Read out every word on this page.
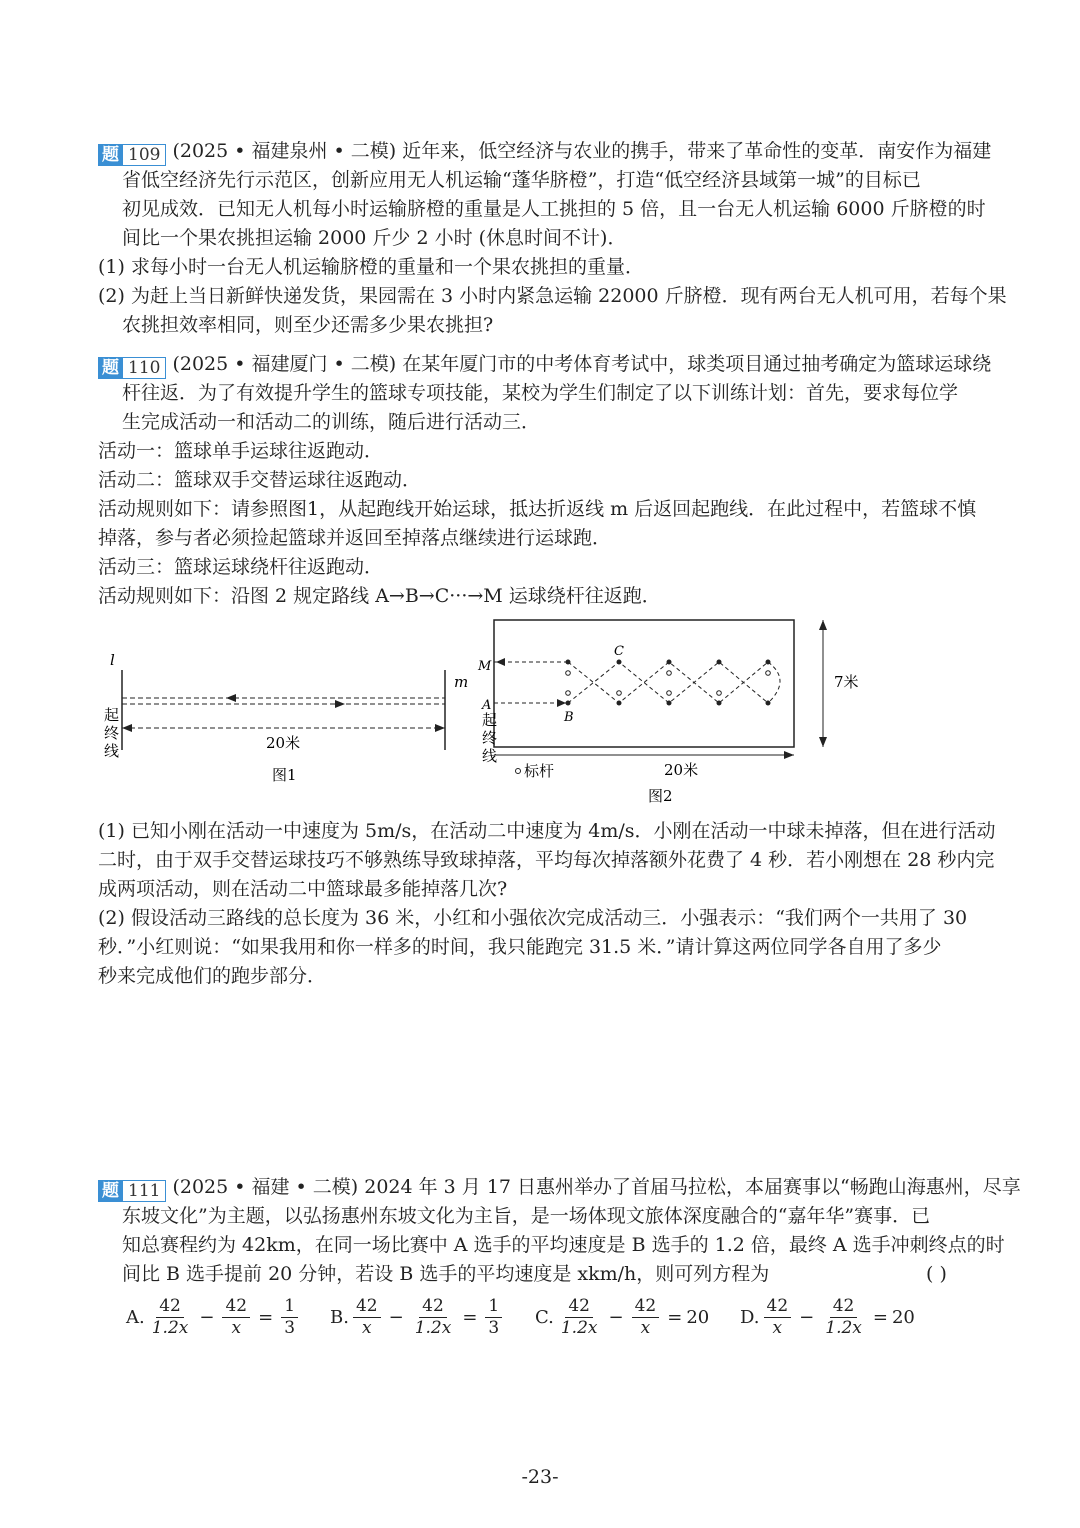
题 109 (2025 • 福建泉州 • 二模) 近年来，低空经济与农业的携手，带来了革命性的变革．南安作为福建
省低空经济先行示范区，创新应用无人机运输“蓬华脐橙”，打造“低空经济县域第一城”的目标已
初见成效．已知无人机每小时运输脐橙的重量是人工挑担的 5 倍，且一台无人机运输 6000 斤脐橙的时
间比一个果农挑担运输 2000 斤少 2 小时 (休息时间不计)．
(1) 求每小时一台无人机运输脐橙的重量和一个果农挑担的重量．
(2) 为赶上当日新鲜快递发货，果园需在 3 小时内紧急运输 22000 斤脐橙．现有两台无人机可用，若每个果
农挑担效率相同，则至少还需多少果农挑担?
题 110 (2025 • 福建厦门 • 二模) 在某年厦门市的中考体育考试中，球类项目通过抽考确定为篮球运球绕
杆往返．为了有效提升学生的篮球专项技能，某校为学生们制定了以下训练计划：首先，要求每位学
生完成活动一和活动二的训练，随后进行活动三．
活动一：篮球单手运球往返跑动．
活动二：篮球双手交替运球往返跑动．
活动规则如下：请参照图1，从起跑线开始运球，抵达折返线 m 后返回起跑线．在此过程中，若篮球不慎
掉落，参与者必须捡起篮球并返回至掉落点继续进行运球跑．
活动三：篮球运球绕杆往返跑动．
活动规则如下：沿图 2 规定路线 A→B→C···→M 运球绕杆往返跑．
l
m
起
终
线	20米
图1
7米
M
A
B
C
起
终
线
标杆	20米
图2
(1) 已知小刚在活动一中速度为 5m/s，在活动二中速度为 4m/s．小刚在活动一中球未掉落，但在进行活动
二时，由于双手交替运球技巧不够熟练导致球掉落，平均每次掉落额外花费了 4 秒．若小刚想在 28 秒内完
成两项活动，则在活动二中篮球最多能掉落几次?
(2) 假设活动三路线的总长度为 36 米，小红和小强依次完成活动三．小强表示：“我们两个一共用了 30
秒．”小红则说：“如果我用和你一样多的时间，我只能跑完 31.5 米．”请计算这两位同学各自用了多少
秒来完成他们的跑步部分．
题 111 (2025 • 福建 • 二模) 2024 年 3 月 17 日惠州举办了首届马拉松，本届赛事以“畅跑山海惠州，尽享
东坡文化”为主题，以弘扬惠州东坡文化为主旨，是一场体现文旅体深度融合的“嘉年华”赛事．已
知总赛程约为 42km，在同一场比赛中 A 选手的平均速度是 B 选手的 1.2 倍，最终 A 选手冲刺终点的时
间比 B 选手提前 20 分钟，若设 B 选手的平均速度是 xkm/h，则可列方程为	( )
A. $\frac{42}{1.2x} - \frac{42}{x} = \frac{1}{3} B$. $\frac{42}{x} - \frac{42}{1.2x} = \frac{1}{3} C$. $\frac{42}{1.2x} - \frac{42}{x} = 20$ D. $\frac{42}{x} - \frac{42}{1.2x} = 20$
-23-
